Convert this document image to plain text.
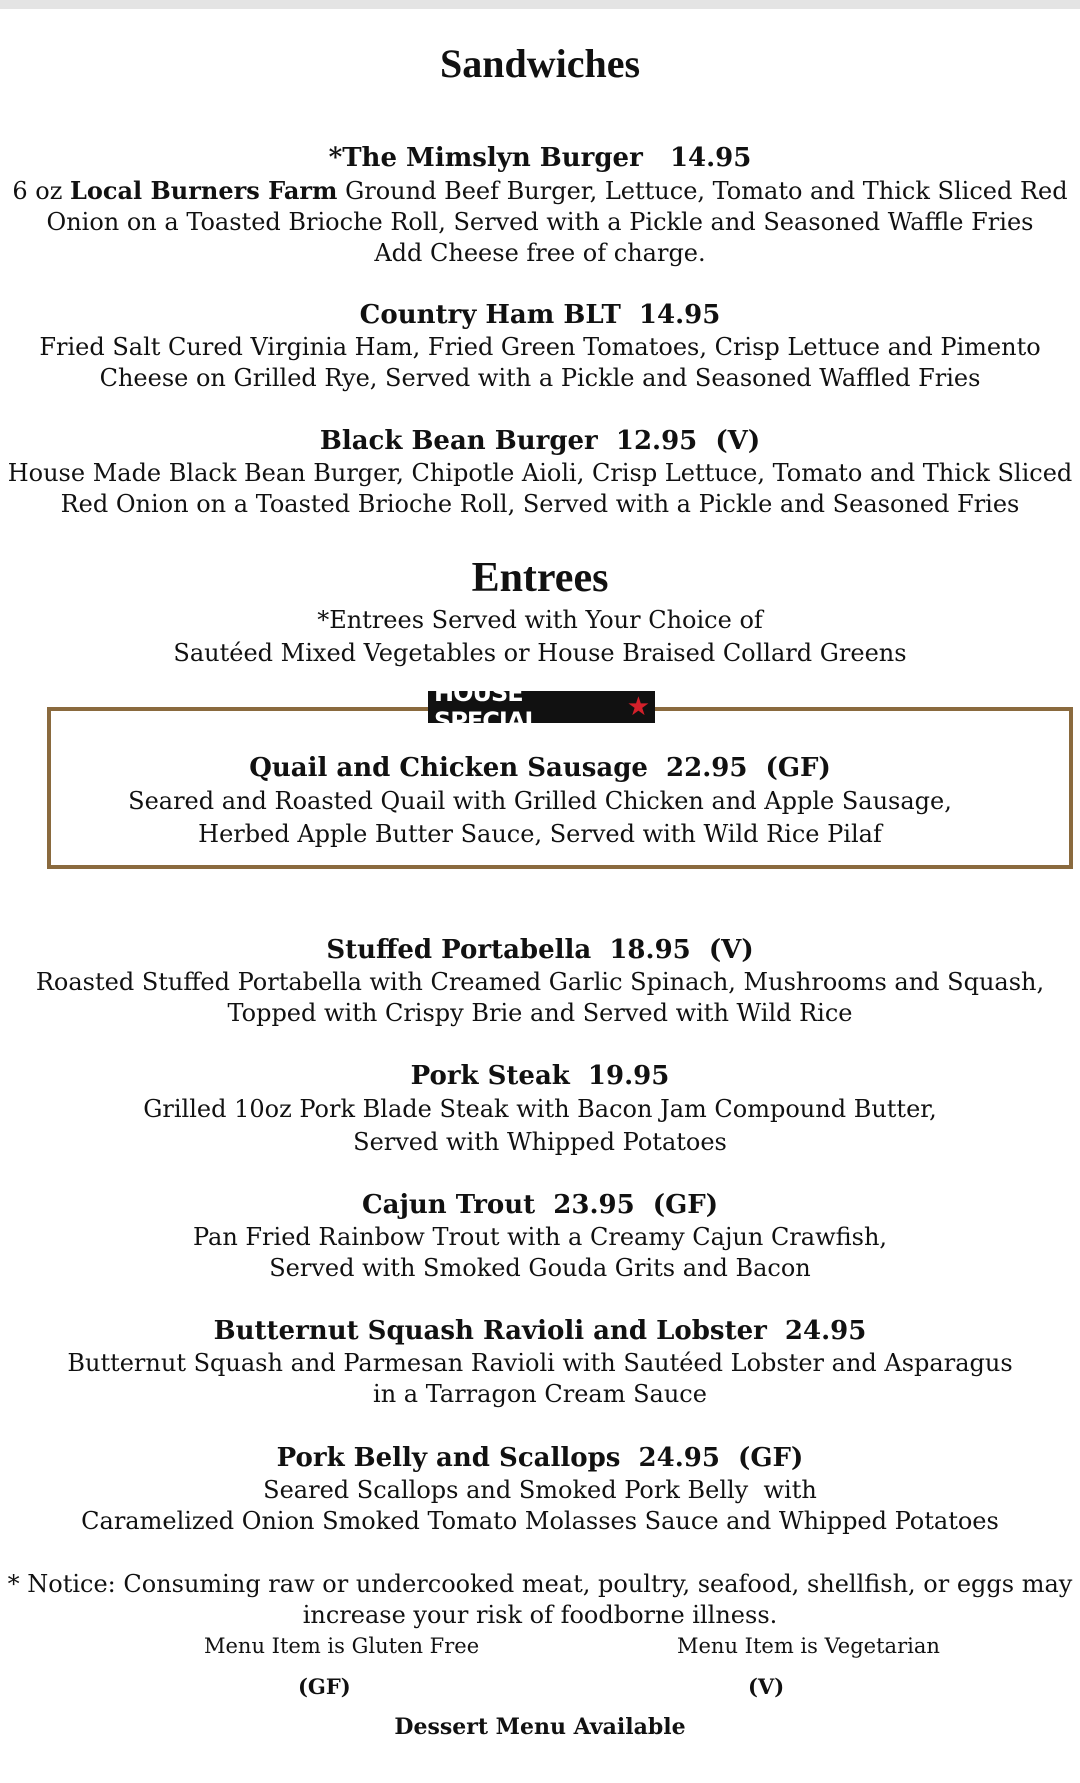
Sandwiches
*The Mimslyn Burger   14.95
6 oz Local Burners Farm Ground Beef Burger, Lettuce, Tomato and Thick Sliced Red
Onion on a Toasted Brioche Roll, Served with a Pickle and Seasoned Waffle Fries
Add Cheese free of charge.
Country Ham BLT  14.95
Fried Salt Cured Virginia Ham, Fried Green Tomatoes, Crisp Lettuce and Pimento
Cheese on Grilled Rye, Served with a Pickle and Seasoned Waffled Fries
Black Bean Burger  12.95  (V)
House Made Black Bean Burger, Chipotle Aioli, Crisp Lettuce, Tomato and Thick Sliced
Red Onion on a Toasted Brioche Roll, Served with a Pickle and Seasoned Fries
Entrees
*Entrees Served with Your Choice of
Sautéed Mixed Vegetables or House Braised Collard Greens
HOUSE SPECIAL	★
Quail and Chicken Sausage  22.95  (GF)
Seared and Roasted Quail with Grilled Chicken and Apple Sausage,
Herbed Apple Butter Sauce, Served with Wild Rice Pilaf
Stuffed Portabella  18.95  (V)
Roasted Stuffed Portabella with Creamed Garlic Spinach, Mushrooms and Squash,
Topped with Crispy Brie and Served with Wild Rice
Pork Steak  19.95
Grilled 10oz Pork Blade Steak with Bacon Jam Compound Butter,
Served with Whipped Potatoes
Cajun Trout  23.95  (GF)
Pan Fried Rainbow Trout with a Creamy Cajun Crawfish,
Served with Smoked Gouda Grits and Bacon
Butternut Squash Ravioli and Lobster  24.95
Butternut Squash and Parmesan Ravioli with Sautéed Lobster and Asparagus
in a Tarragon Cream Sauce
Pork Belly and Scallops  24.95  (GF)
Seared Scallops and Smoked Pork Belly  with
Caramelized Onion Smoked Tomato Molasses Sauce and Whipped Potatoes
* Notice: Consuming raw or undercooked meat, poultry, seafood, shellfish, or eggs may
increase your risk of foodborne illness.
Menu Item is Gluten Free
(GF)
Menu Item is Vegetarian
(V)
Dessert Menu Available
